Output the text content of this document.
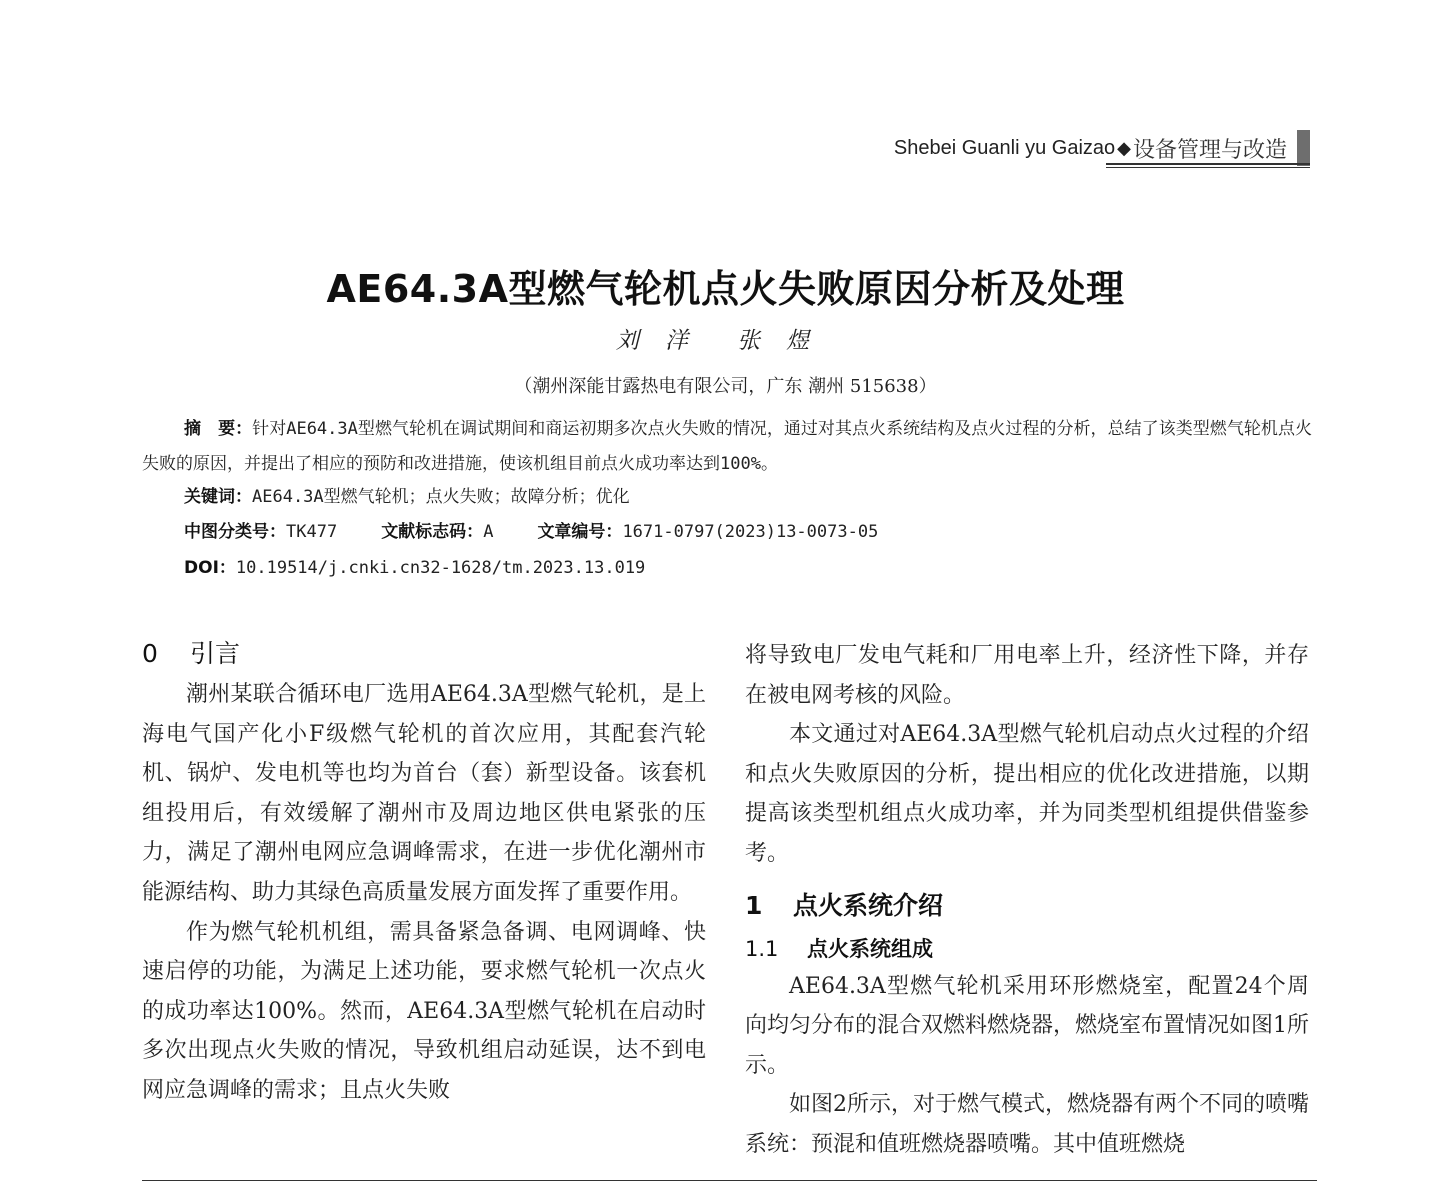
Shebei Guanli yu Gaizao ◆ 设备管理与改造
AE64.3A型燃气轮机点火失败原因分析及处理
刘洋 张煜
（潮州深能甘露热电有限公司，广东 潮州 515638）

摘　要：针对AE64.3A型燃气轮机在调试期间和商运初期多次点火失败的情况，通过对其点火系统结构及点火过程的分析，总结了该类型燃气轮机点火失败的原因，并提出了相应的预防和改进措施，使该机组目前点火成功率达到100%。

关键词：AE64.3A型燃气轮机；点火失败；故障分析；优化
中图分类号：TK477	文献标志码：A	文章编号：1671-0797(2023)13-0073-05
DOI：10.19514/j.cnki.cn32-1628/tm.2023.13.019
0 引言

潮州某联合循环电厂选用AE64.3A型燃气轮机，是上海电气国产化小F级燃气轮机的首次应用，其配套汽轮机、锅炉、发电机等也均为首台（套）新型设备。该套机组投用后，有效缓解了潮州市及周边地区供电紧张的压力，满足了潮州电网应急调峰需求，在进一步优化潮州市能源结构、助力其绿色高质量发展方面发挥了重要作用。

作为燃气轮机机组，需具备紧急备调、电网调峰、快速启停的功能，为满足上述功能，要求燃气轮机一次点火的成功率达100%。然而，AE64.3A型燃气轮机在启动时多次出现点火失败的情况，导致机组启动延误，达不到电网应急调峰的需求；且点火失败

将导致电厂发电气耗和厂用电率上升，经济性下降，并存在被电网考核的风险。

本文通过对AE64.3A型燃气轮机启动点火过程的介绍和点火失败原因的分析，提出相应的优化改进措施，以期提高该类型机组点火成功率，并为同类型机组提供借鉴参考。

1 点火系统介绍
1.1 点火系统组成

AE64.3A型燃气轮机采用环形燃烧室，配置24个周向均匀分布的混合双燃料燃烧器，燃烧室布置情况如图1所示。

如图2所示，对于燃气模式，燃烧器有两个不同的喷嘴系统：预混和值班燃烧器喷嘴。其中值班燃烧
